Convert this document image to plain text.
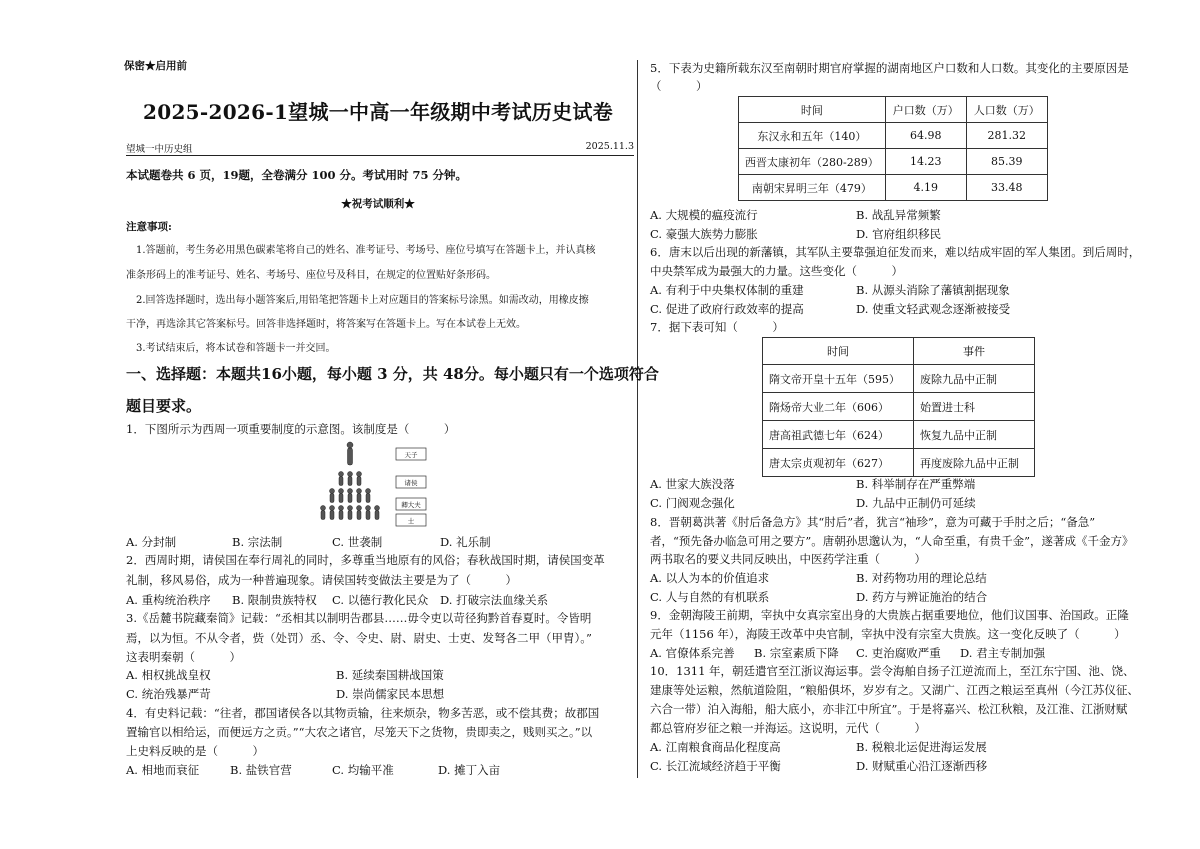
保密★启用前
2025-2026-1望城一中高一年级期中考试历史试卷
望城一中历史组	2025.11.3
本试题卷共 6 页，19题，全卷满分 100 分。考试用时 75 分钟。
★祝考试顺利★
注意事项:
1.答题前，考生务必用黑色碳素笔将自己的姓名、准考证号、考场号、座位号填写在答题卡上，并认真核
准条形码上的准考证号、姓名、考场号、座位号及科目，在规定的位置贴好条形码。
2.回答选择题时，选出每小题答案后,用铅笔把答题卡上对应题目的答案标号涂黑。如需改动，用橡皮擦
干净，再选涂其它答案标号。回答非选择题时，将答案写在答题卡上。写在本试卷上无效。
3.考试结束后，将本试卷和答题卡一并交回。
一、选择题：本题共16小题，每小题 3 分，共 48分。每小题只有一个选项符合
题目要求。
1．下图所示为西周一项重要制度的示意图。该制度是（　　　）
天子
诸侯
卿大夫
士
A. 分封制	B. 宗法制	C. 世袭制	D. 礼乐制
2．西周时期，请侯国在奉行周礼的同时，多尊重当地原有的风俗；春秋战国时期，请侯国变革
礼制，移风易俗，成为一种普遍现象。请侯国转变做法主要是为了（　　　）
A. 重构统治秩序 B. 限制贵族特权 C. 以德行教化民众 D. 打破宗法血缘关系
3.《岳麓书院藏秦简》记载：“丞相其以制明告郡县……毋令吏以苛径狗黔首春夏时。令皆明
焉，以为恒。不从令者，赀（处罚）丞、令、令史、尉、尉史、士吏、发弩各二甲（甲胄）。”
这表明秦朝（　　　）
A. 相权挑战皇权	B. 延续秦国耕战国策
C. 统治残暴严苛	D. 崇尚儒家民本思想
4．有史料记载：“往者，郡国诸侯各以其物贡输，往来烦杂，物多苦恶，或不偿其费；故郡国
置输官以相给运，而便远方之贡。”“大农之诸官，尽笼天下之货物，贵即卖之，贱则买之。”以
上史料反映的是（　　　）
A. 相地而衰征	B. 盐铁官营	C. 均输平准	D. 摊丁入亩
5．下表为史籍所载东汉至南朝时期官府掌握的湖南地区户口数和人口数。其变化的主要原因是
（　　　）
时间	户口数（万）	人口数（万）
东汉永和五年（140）	64.98	281.32
西晋太康初年（280-289）	14.23	85.39
南朝宋昇明三年（479）	4.19	33.48
A. 大规模的瘟疫流行	B. 战乱异常频繁
C. 豪强大族势力膨胀	D. 官府组织移民
6．唐末以后出现的新藩镇，其军队主要靠强迫征发而来，难以结成牢固的军人集团。到后周时，
中央禁军成为最强大的力量。这些变化（　　　）
A. 有利于中央集权体制的重建	B. 从源头消除了藩镇割据现象
C. 促进了政府行政效率的提高	D. 使重文轻武观念逐渐被接受
7．据下表可知（　　　）
时间	事件
隋文帝开皇十五年（595）	废除九品中正制
隋炀帝大业二年（606）	始置进士科
唐高祖武德七年（624）	恢复九品中正制
唐太宗贞观初年（627）	再度废除九品中正制
A. 世家大族没落	B. 科举制存在严重弊端
C. 门阀观念强化	D. 九品中正制仍可延续
8．晋朝葛洪著《肘后备急方》其“肘后”者，犹言“袖珍”，意为可藏于手肘之后；“备急”
者，“预先备办临急可用之要方”。唐朝孙思邈认为，“人命至重，有贵千金”，遂著成《千金方》
两书取名的要义共同反映出，中医药学注重（　　　）
A. 以人为本的价值追求	B. 对药物功用的理论总结
C. 人与自然的有机联系	D. 药方与辨证施治的结合
9．金朝海陵王前期，宰执中女真宗室出身的大贵族占据重要地位，他们议国事、治国政。正隆
元年（1156 年），海陵王改革中央官制，宰执中没有宗室大贵族。这一变化反映了（　　　）
A. 官僚体系完善 B. 宗室素质下降 C. 吏治腐败严重 D. 君主专制加强
10．1311 年，朝廷遣官至江浙议海运事。尝令海舶自扬子江逆流而上，至江东宁国、池、饶、
建康等处运粮，然航道险阻，“粮船俱坏，岁岁有之。又湖广、江西之粮运至真州（今江苏仪征、
六合一带）泊入海船，船大底小，亦非江中所宜”。于是将嘉兴、松江秋粮，及江淮、江浙财赋
都总管府岁征之粮一并海运。这说明，元代（　　　）
A. 江南粮食商品化程度高	B. 税粮北运促进海运发展
C. 长江流域经济趋于平衡	D. 财赋重心沿江逐渐西移
